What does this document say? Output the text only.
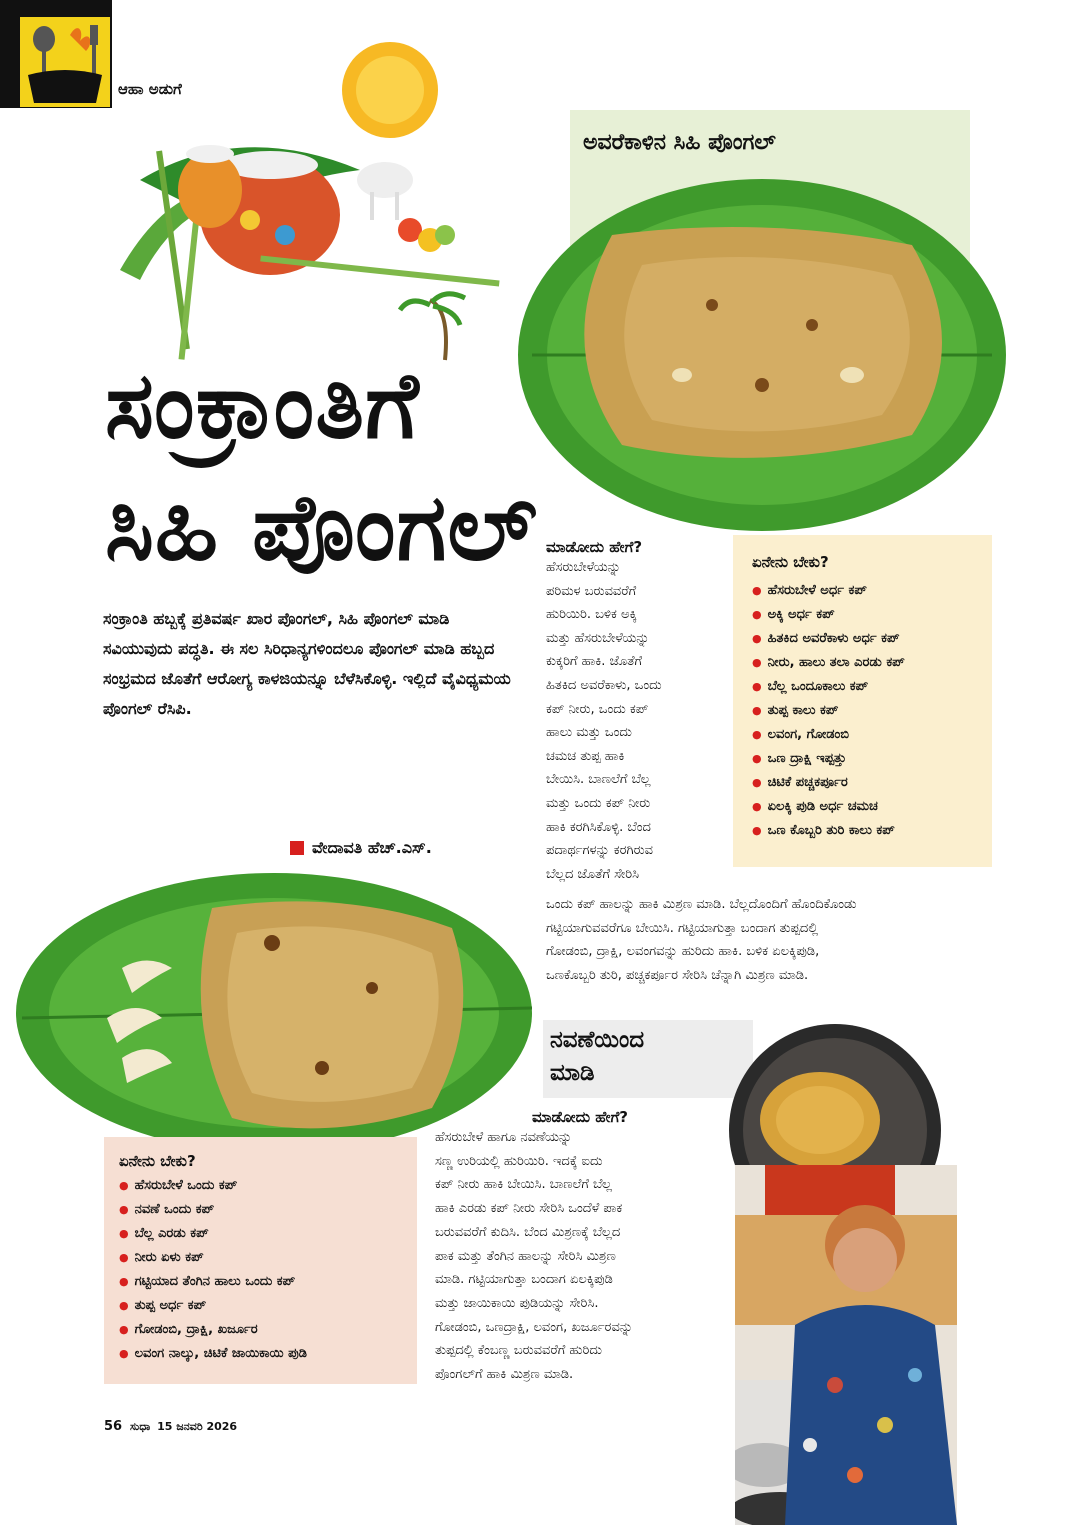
ಆಹಾ ಅಡುಗೆ
ಸಂಕ್ರಾಂತಿಗೆ
ಸಿಹಿ ಪೊಂಗಲ್
ಅವರೆಕಾಳಿನ ಸಿಹಿ ಪೊಂಗಲ್
ಸಂಕ್ರಾಂತಿ ಹಬ್ಬಕ್ಕೆ ಪ್ರತಿವರ್ಷ ಖಾರ ಪೊಂಗಲ್, ಸಿಹಿ ಪೊಂಗಲ್ ಮಾಡಿ ಸವಿಯುವುದು ಪದ್ಧತಿ. ಈ ಸಲ ಸಿರಿಧಾನ್ಯಗಳಿಂದಲೂ ಪೊಂಗಲ್ ಮಾಡಿ ಹಬ್ಬದ ಸಂಭ್ರಮದ ಜೊತೆಗೆ ಆರೋಗ್ಯ ಕಾಳಜಿಯನ್ನೂ ಬೆಳೆಸಿಕೊಳ್ಳಿ. ಇಲ್ಲಿದೆ ವೈವಿಧ್ಯಮಯ ಪೊಂಗಲ್ ರೆಸಿಪಿ.
ವೇದಾವತಿ ಹೆಚ್.ಎಸ್.
ಮಾಡೋದು ಹೇಗೆ?
ಹೆಸರುಬೇಳೆಯನ್ನು
ಪರಿಮಳ ಬರುವವರೆಗೆ
ಹುರಿಯಿರಿ. ಬಳಿಕ ಅಕ್ಕಿ
ಮತ್ತು ಹೆಸರುಬೇಳೆಯನ್ನು
ಕುಕ್ಕರಿಗೆ ಹಾಕಿ. ಜೊತೆಗೆ
ಹಿತಕಿದ ಅವರೆಕಾಳು, ಒಂದು
ಕಪ್ ನೀರು, ಒಂದು ಕಪ್
ಹಾಲು ಮತ್ತು ಒಂದು
ಚಮಚ ತುಪ್ಪ ಹಾಕಿ
ಬೇಯಿಸಿ. ಬಾಣಲೆಗೆ ಬೆಲ್ಲ
ಮತ್ತು ಒಂದು ಕಪ್ ನೀರು
ಹಾಕಿ ಕರಗಿಸಿಕೊಳ್ಳಿ. ಬೆಂದ
ಪದಾರ್ಥಗಳನ್ನು ಕರಗಿರುವ
ಬೆಲ್ಲದ ಜೊತೆಗೆ ಸೇರಿಸಿ
ಏನೇನು ಬೇಕು?
● ಹೆಸರುಬೇಳೆ ಅರ್ಧ ಕಪ್
● ಅಕ್ಕಿ ಅರ್ಧ ಕಪ್
● ಹಿತಕಿದ ಅವರೆಕಾಳು ಅರ್ಧ ಕಪ್
● ನೀರು, ಹಾಲು ತಲಾ ಎರಡು ಕಪ್
● ಬೆಲ್ಲ ಒಂದೂಕಾಲು ಕಪ್
● ತುಪ್ಪ ಕಾಲು ಕಪ್
● ಲವಂಗ, ಗೋಡಂಬಿ
● ಒಣ ದ್ರಾಕ್ಷಿ ಇಪ್ಪತ್ತು
● ಚಿಟಿಕೆ ಪಚ್ಚಕರ್ಪೂರ
● ಏಲಕ್ಕಿ ಪುಡಿ ಅರ್ಧ ಚಮಚ
● ಒಣ ಕೊಬ್ಬರಿ ತುರಿ ಕಾಲು ಕಪ್
ಒಂದು ಕಪ್ ಹಾಲನ್ನು ಹಾಕಿ ಮಿಶ್ರಣ ಮಾಡಿ. ಬೆಲ್ಲದೊಂದಿಗೆ ಹೊಂದಿಕೊಂಡು
ಗಟ್ಟಿಯಾಗುವವರೆಗೂ ಬೇಯಿಸಿ. ಗಟ್ಟಿಯಾಗುತ್ತಾ ಬಂದಾಗ ತುಪ್ಪದಲ್ಲಿ
ಗೋಡಂಬಿ, ದ್ರಾಕ್ಷಿ, ಲವಂಗವನ್ನು ಹುರಿದು ಹಾಕಿ. ಬಳಿಕ ಏಲಕ್ಕಿಪುಡಿ,
ಒಣಕೊಬ್ಬರಿ ತುರಿ, ಪಚ್ಚಕರ್ಪೂರ ಸೇರಿಸಿ ಚೆನ್ನಾಗಿ ಮಿಶ್ರಣ ಮಾಡಿ.
ಏನೇನು ಬೇಕು?
● ಹೆಸರುಬೇಳೆ ಒಂದು ಕಪ್
● ನವಣೆ ಒಂದು ಕಪ್
● ಬೆಲ್ಲ ಎರಡು ಕಪ್
● ನೀರು ಏಳು ಕಪ್
● ಗಟ್ಟಿಯಾದ ತೆಂಗಿನ ಹಾಲು ಒಂದು ಕಪ್
● ತುಪ್ಪ ಅರ್ಧ ಕಪ್
● ಗೋಡಂಬಿ, ದ್ರಾಕ್ಷಿ, ಖರ್ಜೂರ
● ಲವಂಗ ನಾಲ್ಕು, ಚಿಟಿಕೆ ಜಾಯಿಕಾಯಿ ಪುಡಿ
ನವಣೆಯಿಂದ
ಮಾಡಿ
ಮಾಡೋದು ಹೇಗೆ?
ಹೆಸರುಬೇಳೆ ಹಾಗೂ ನವಣೆಯನ್ನು
ಸಣ್ಣ ಉರಿಯಲ್ಲಿ ಹುರಿಯಿರಿ. ಇದಕ್ಕೆ ಐದು
ಕಪ್ ನೀರು ಹಾಕಿ ಬೇಯಿಸಿ. ಬಾಣಲೆಗೆ ಬೆಲ್ಲ
ಹಾಕಿ ಎರಡು ಕಪ್ ನೀರು ಸೇರಿಸಿ ಒಂದೆಳೆ ಪಾಕ
ಬರುವವರೆಗೆ ಕುದಿಸಿ. ಬೆಂದ ಮಿಶ್ರಣಕ್ಕೆ ಬೆಲ್ಲದ
ಪಾಕ ಮತ್ತು ತೆಂಗಿನ ಹಾಲನ್ನು ಸೇರಿಸಿ ಮಿಶ್ರಣ
ಮಾಡಿ. ಗಟ್ಟಿಯಾಗುತ್ತಾ ಬಂದಾಗ ಏಲಕ್ಕಿಪುಡಿ
ಮತ್ತು ಜಾಯಿಕಾಯಿ ಪುಡಿಯನ್ನು ಸೇರಿಸಿ.
ಗೋಡಂಬಿ, ಒಣದ್ರಾಕ್ಷಿ, ಲವಂಗ, ಖರ್ಜೂರವನ್ನು
ತುಪ್ಪದಲ್ಲಿ ಕೆಂಬಣ್ಣ ಬರುವವರೆಗೆ ಹುರಿದು
ಪೊಂಗಲ್‌ಗೆ ಹಾಕಿ ಮಿಶ್ರಣ ಮಾಡಿ.
56 ಸುಧಾ 15 ಜನವರಿ 2026
